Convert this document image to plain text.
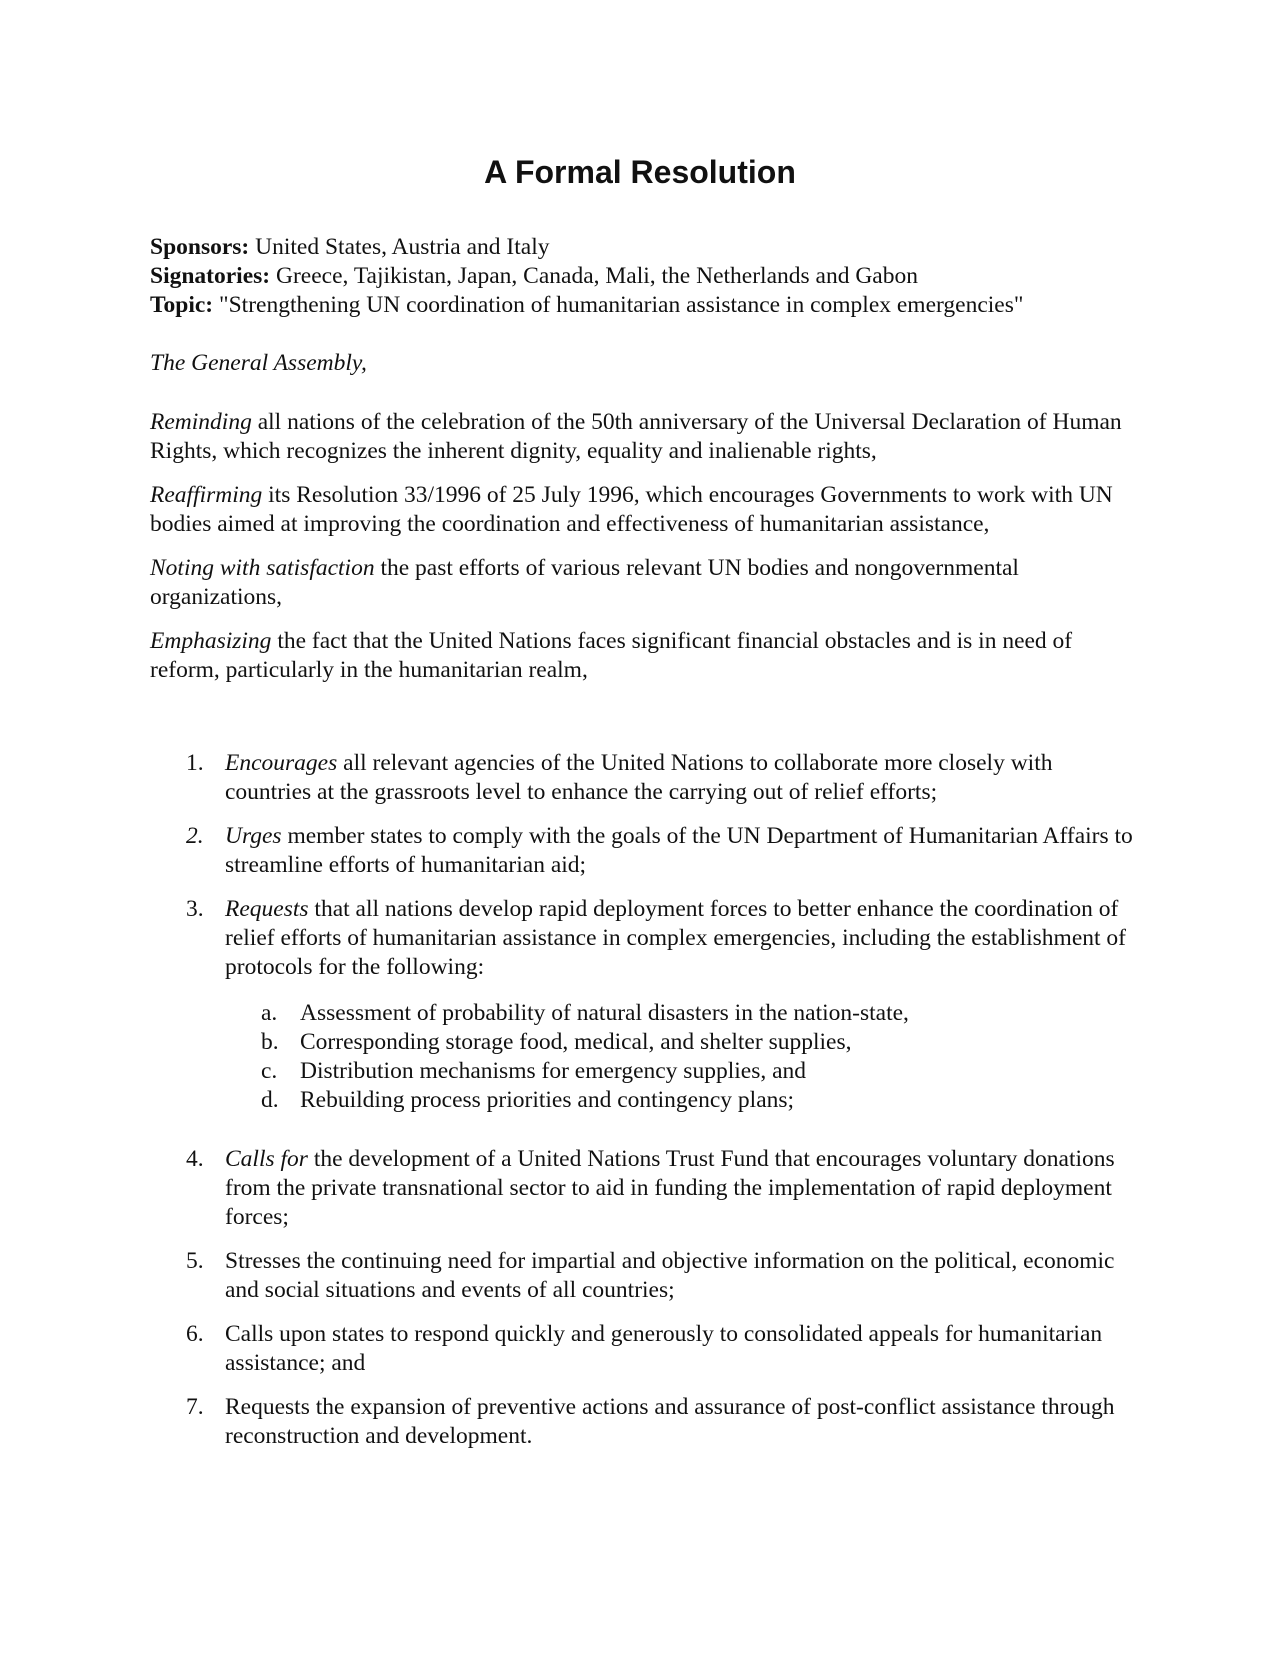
A Formal Resolution
Sponsors: United States, Austria and Italy
Signatories: Greece, Tajikistan, Japan, Canada, Mali, the Netherlands and Gabon
Topic: "Strengthening UN coordination of humanitarian assistance in complex emergencies"
The General Assembly,

Reminding all nations of the celebration of the 50th anniversary of the Universal Declaration of Human Rights, which recognizes the inherent dignity, equality and inalienable rights,

Reaffirming its Resolution 33/1996 of 25 July 1996, which encourages Governments to work with UN bodies aimed at improving the coordination and effectiveness of humanitarian assistance,

Noting with satisfaction the past efforts of various relevant UN bodies and nongovernmental organizations,

Emphasizing the fact that the United Nations faces significant financial obstacles and is in need of reform, particularly in the humanitarian realm,

1. Encourages all relevant agencies of the United Nations to collaborate more closely with countries at the grassroots level to enhance the carrying out of relief efforts;
2. Urges member states to comply with the goals of the UN Department of Humanitarian Affairs to streamline efforts of humanitarian aid;
3. Requests that all nations develop rapid deployment forces to better enhance the coordination of relief efforts of humanitarian assistance in complex emergencies, including the establishment of protocols for the following:
a. Assessment of probability of natural disasters in the nation-state,
b. Corresponding storage food, medical, and shelter supplies,
c. Distribution mechanisms for emergency supplies, and
d. Rebuilding process priorities and contingency plans;
4. Calls for the development of a United Nations Trust Fund that encourages voluntary donations from the private transnational sector to aid in funding the implementation of rapid deployment forces;
5. Stresses the continuing need for impartial and objective information on the political, economic and social situations and events of all countries;
6. Calls upon states to respond quickly and generously to consolidated appeals for humanitarian assistance; and
7. Requests the expansion of preventive actions and assurance of post-conflict assistance through reconstruction and development.
